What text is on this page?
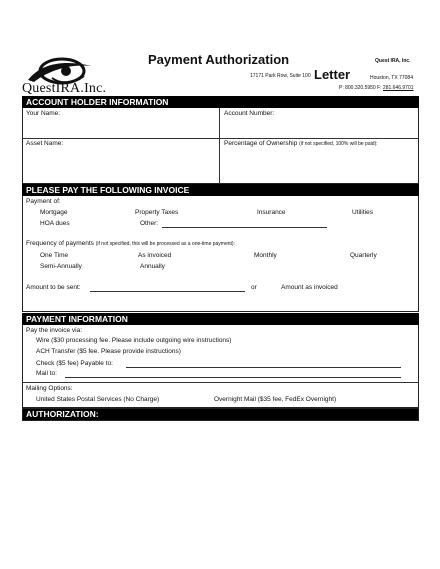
QuestIRA.Inc.
Payment Authorization
17171 Park Row, Suite 100 Letter
Quest IRA, Inc.
Houston, TX 77084
P: 800.320.5950 F: 281.646.9701
ACCOUNT HOLDER INFORMATION
Your Name:	Account Number:
Asset Name:	Percentage of Ownership (if not specified, 100% will be paid):
PLEASE PAY THE FOLLOWING INVOICE
Payment of:
Mortgage	Property Taxes	Insurance	Utilities
HOA dues	Other:
Frequency of payments (if not specified, this will be processed as a one-time payment):
One Time	As invoiced	Monthly	Quarterly
Semi-Annually	Annually
Amount to be sent:	or	Amount as invoiced
PAYMENT INFORMATION
Pay the invoice via:
Wire ($30 processing fee. Please include outgoing wire instructions)
ACH Transfer ($5 fee. Please provide instructions)
Check ($5 fee) Payable to:
Mail to:
Mailing Options:
United States Postal Services (No Charge)	Overnight Mail ($35 fee, FedEx Overnight)
AUTHORIZATION:
